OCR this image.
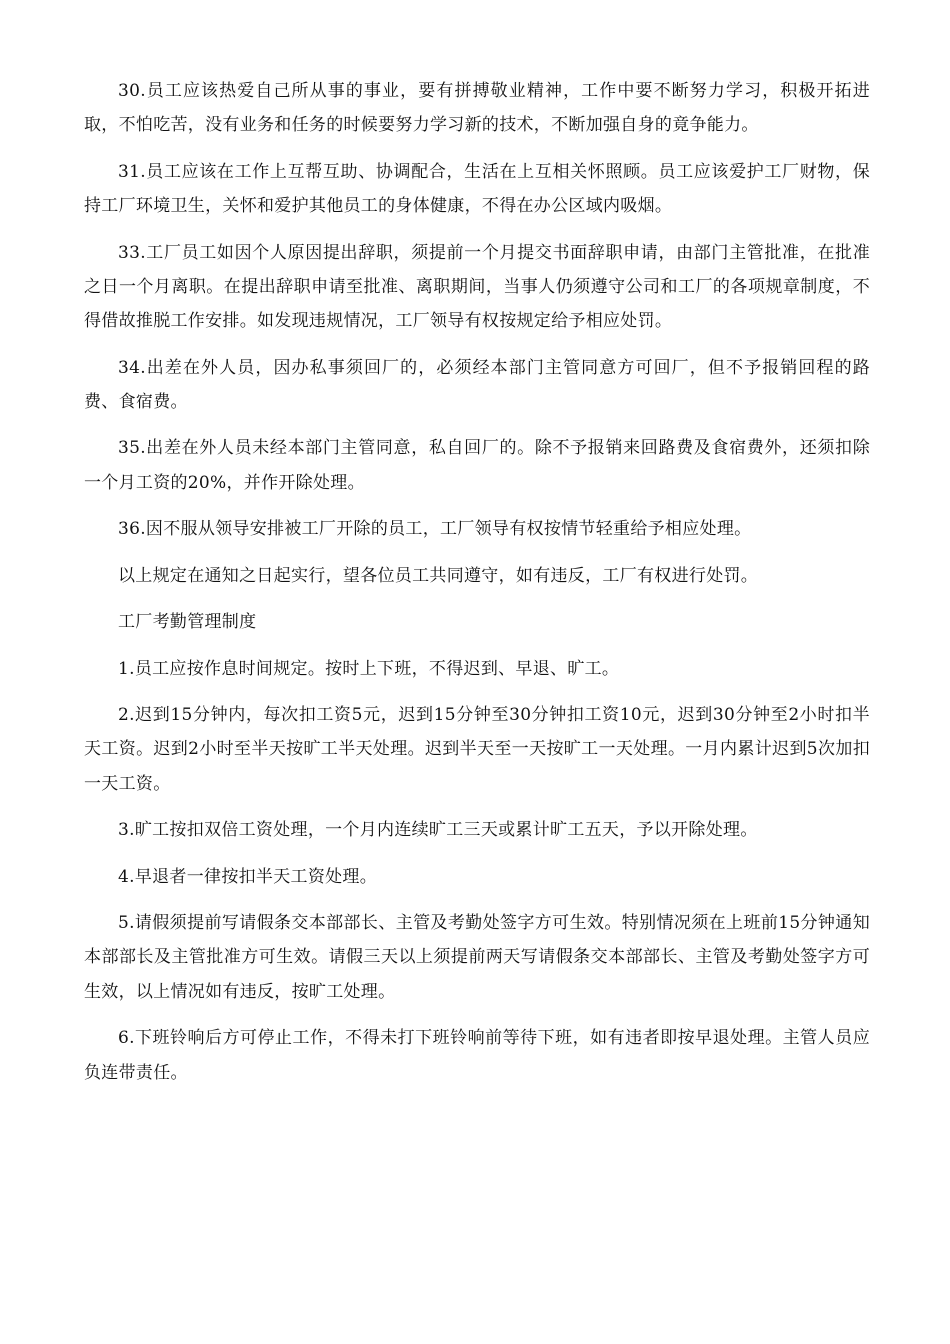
30.员工应该热爱自己所从事的事业，要有拼搏敬业精神，工作中要不断努力学习，积极开拓进取，不怕吃苦，没有业务和任务的时候要努力学习新的技术，不断加强自身的竟争能力。

31.员工应该在工作上互帮互助、协调配合，生活在上互相关怀照顾。员工应该爱护工厂财物，保持工厂环境卫生，关怀和爱护其他员工的身体健康，不得在办公区域内吸烟。

33.工厂员工如因个人原因提出辞职，须提前一个月提交书面辞职申请，由部门主管批准，在批准之日一个月离职。在提出辞职申请至批准、离职期间，当事人仍须遵守公司和工厂的各项规章制度，不得借故推脱工作安排。如发现违规情况，工厂领导有权按规定给予相应处罚。

34.出差在外人员，因办私事须回厂的，必须经本部门主管同意方可回厂，但不予报销回程的路费、食宿费。

35.出差在外人员未经本部门主管同意，私自回厂的。除不予报销来回路费及食宿费外，还须扣除一个月工资的20%，并作开除处理。

36.因不服从领导安排被工厂开除的员工，工厂领导有权按情节轻重给予相应处理。

以上规定在通知之日起实行，望各位员工共同遵守，如有违反，工厂有权进行处罚。

工厂考勤管理制度

1.员工应按作息时间规定。按时上下班，不得迟到、早退、旷工。

2.迟到15分钟内，每次扣工资5元，迟到15分钟至30分钟扣工资10元，迟到30分钟至2小时扣半天工资。迟到2小时至半天按旷工半天处理。迟到半天至一天按旷工一天处理。一月内累计迟到5次加扣一天工资。

3.旷工按扣双倍工资处理，一个月内连续旷工三天或累计旷工五天，予以开除处理。

4.早退者一律按扣半天工资处理。

5.请假须提前写请假条交本部部长、主管及考勤处签字方可生效。特别情况须在上班前15分钟通知本部部长及主管批准方可生效。请假三天以上须提前两天写请假条交本部部长、主管及考勤处签字方可生效，以上情况如有违反，按旷工处理。

6.下班铃响后方可停止工作，不得未打下班铃响前等待下班，如有违者即按早退处理。主管人员应负连带责任。
